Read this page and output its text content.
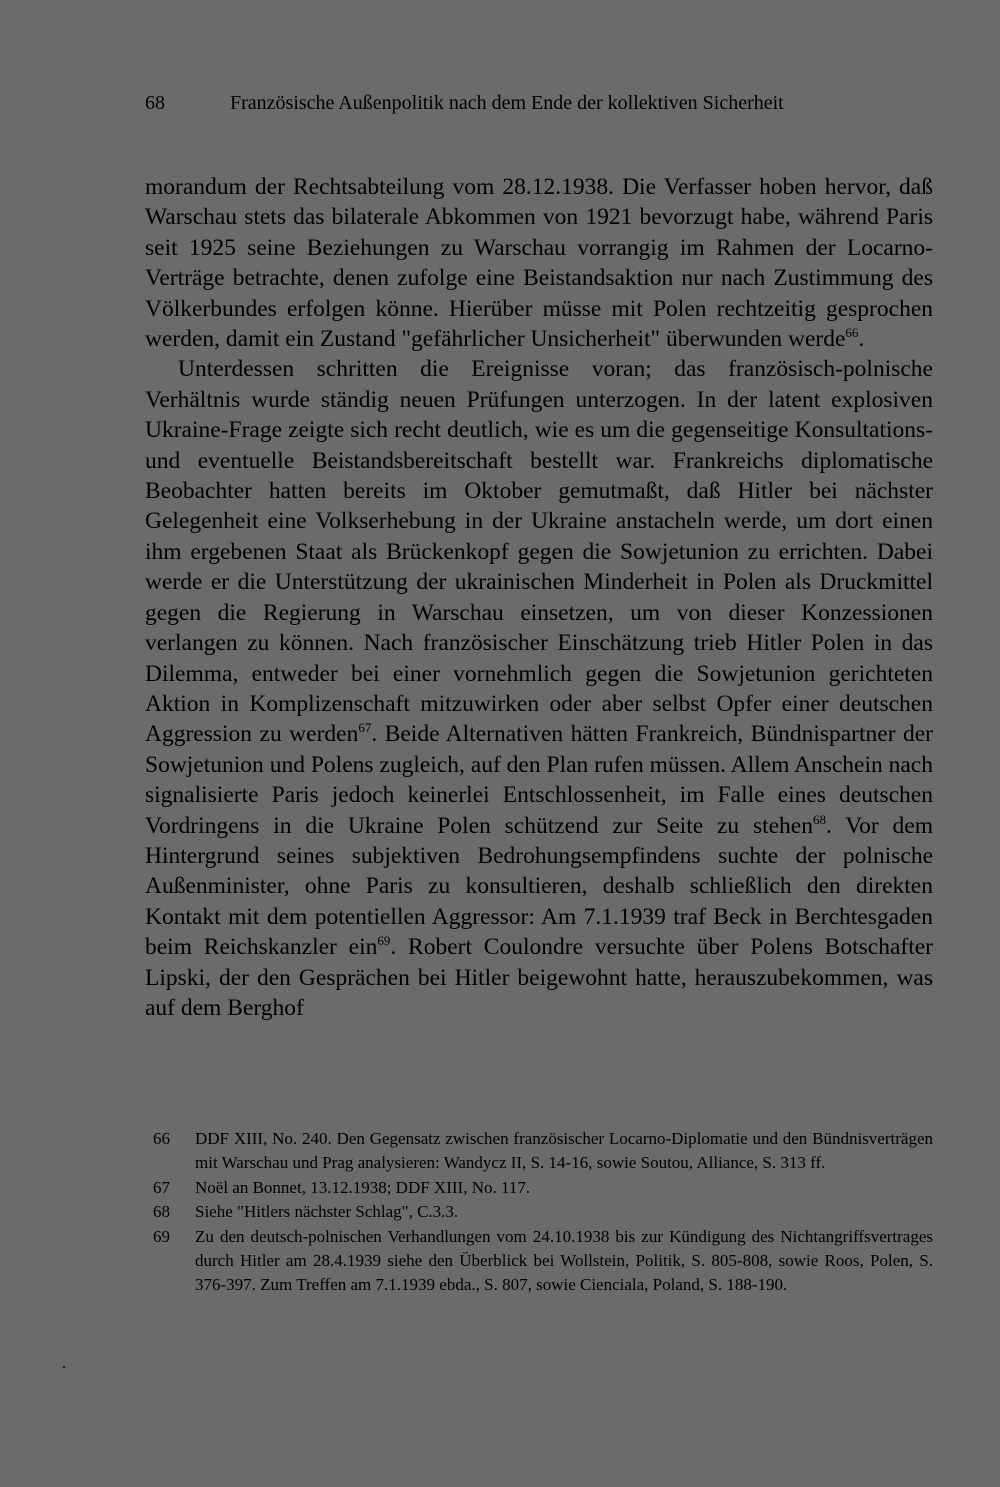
68	Französische Außenpolitik nach dem Ende der kollektiven Sicherheit

morandum der Rechtsabteilung vom 28.12.1938. Die Verfasser hoben hervor, daß Warschau stets das bilaterale Abkommen von 1921 bevorzugt habe, während Paris seit 1925 seine Beziehungen zu Warschau vorrangig im Rahmen der Locarno-Verträge betrachte, denen zufolge eine Beistandsaktion nur nach Zustimmung des Völkerbundes erfolgen könne. Hierüber müsse mit Polen rechtzeitig gesprochen werden, damit ein Zustand "gefährlicher Unsicherheit" überwunden werde$^{66}$.

Unterdessen schritten die Ereignisse voran; das französisch-polnische Verhältnis wurde ständig neuen Prüfungen unterzogen. In der latent explosiven Ukraine-Frage zeigte sich recht deutlich, wie es um die gegenseitige Konsultations- und eventuelle Beistandsbereitschaft bestellt war. Frankreichs diplomatische Beobachter hatten bereits im Oktober gemutmaßt, daß Hitler bei nächster Gelegenheit eine Volkserhebung in der Ukraine anstacheln werde, um dort einen ihm ergebenen Staat als Brückenkopf gegen die Sowjetunion zu errichten. Dabei werde er die Unterstützung der ukrainischen Minderheit in Polen als Druckmittel gegen die Regierung in Warschau einsetzen, um von dieser Konzessionen verlangen zu können. Nach französischer Einschätzung trieb Hitler Polen in das Dilemma, entweder bei einer vornehmlich gegen die Sowjetunion gerichteten Aktion in Komplizenschaft mitzuwirken oder aber selbst Opfer einer deutschen Aggression zu werden$^{67}$. Beide Alternativen hätten Frankreich, Bündnispartner der Sowjetunion und Polens zugleich, auf den Plan rufen müssen. Allem Anschein nach signalisierte Paris jedoch keinerlei Entschlossenheit, im Falle eines deutschen Vordringens in die Ukraine Polen schützend zur Seite zu stehen$^{68}$. Vor dem Hintergrund seines subjektiven Bedrohungsempfindens suchte der polnische Außenminister, ohne Paris zu konsultieren, deshalb schließlich den direkten Kontakt mit dem potentiellen Aggressor: Am 7.1.1939 traf Beck in Berchtesgaden beim Reichskanzler ein$^{69}$. Robert Coulondre versuchte über Polens Botschafter Lipski, der den Gesprächen bei Hitler beigewohnt hatte, herauszubekommen, was auf dem Berghof

66	DDF XIII, No. 240. Den Gegensatz zwischen französischer Locarno-Diplomatie und den Bündnisverträgen mit Warschau und Prag analysieren: Wandycz II, S. 14-16, sowie Soutou, Alliance, S. 313 ff.
67	Noël an Bonnet, 13.12.1938; DDF XIII, No. 117.
68	Siehe "Hitlers nächster Schlag", C.3.3.
69	Zu den deutsch-polnischen Verhandlungen vom 24.10.1938 bis zur Kündigung des Nichtangriffsvertrages durch Hitler am 28.4.1939 siehe den Überblick bei Wollstein, Politik, S. 805-808, sowie Roos, Polen, S. 376-397. Zum Treffen am 7.1.1939 ebda., S. 807, sowie Cienciala, Poland, S. 188-190.
